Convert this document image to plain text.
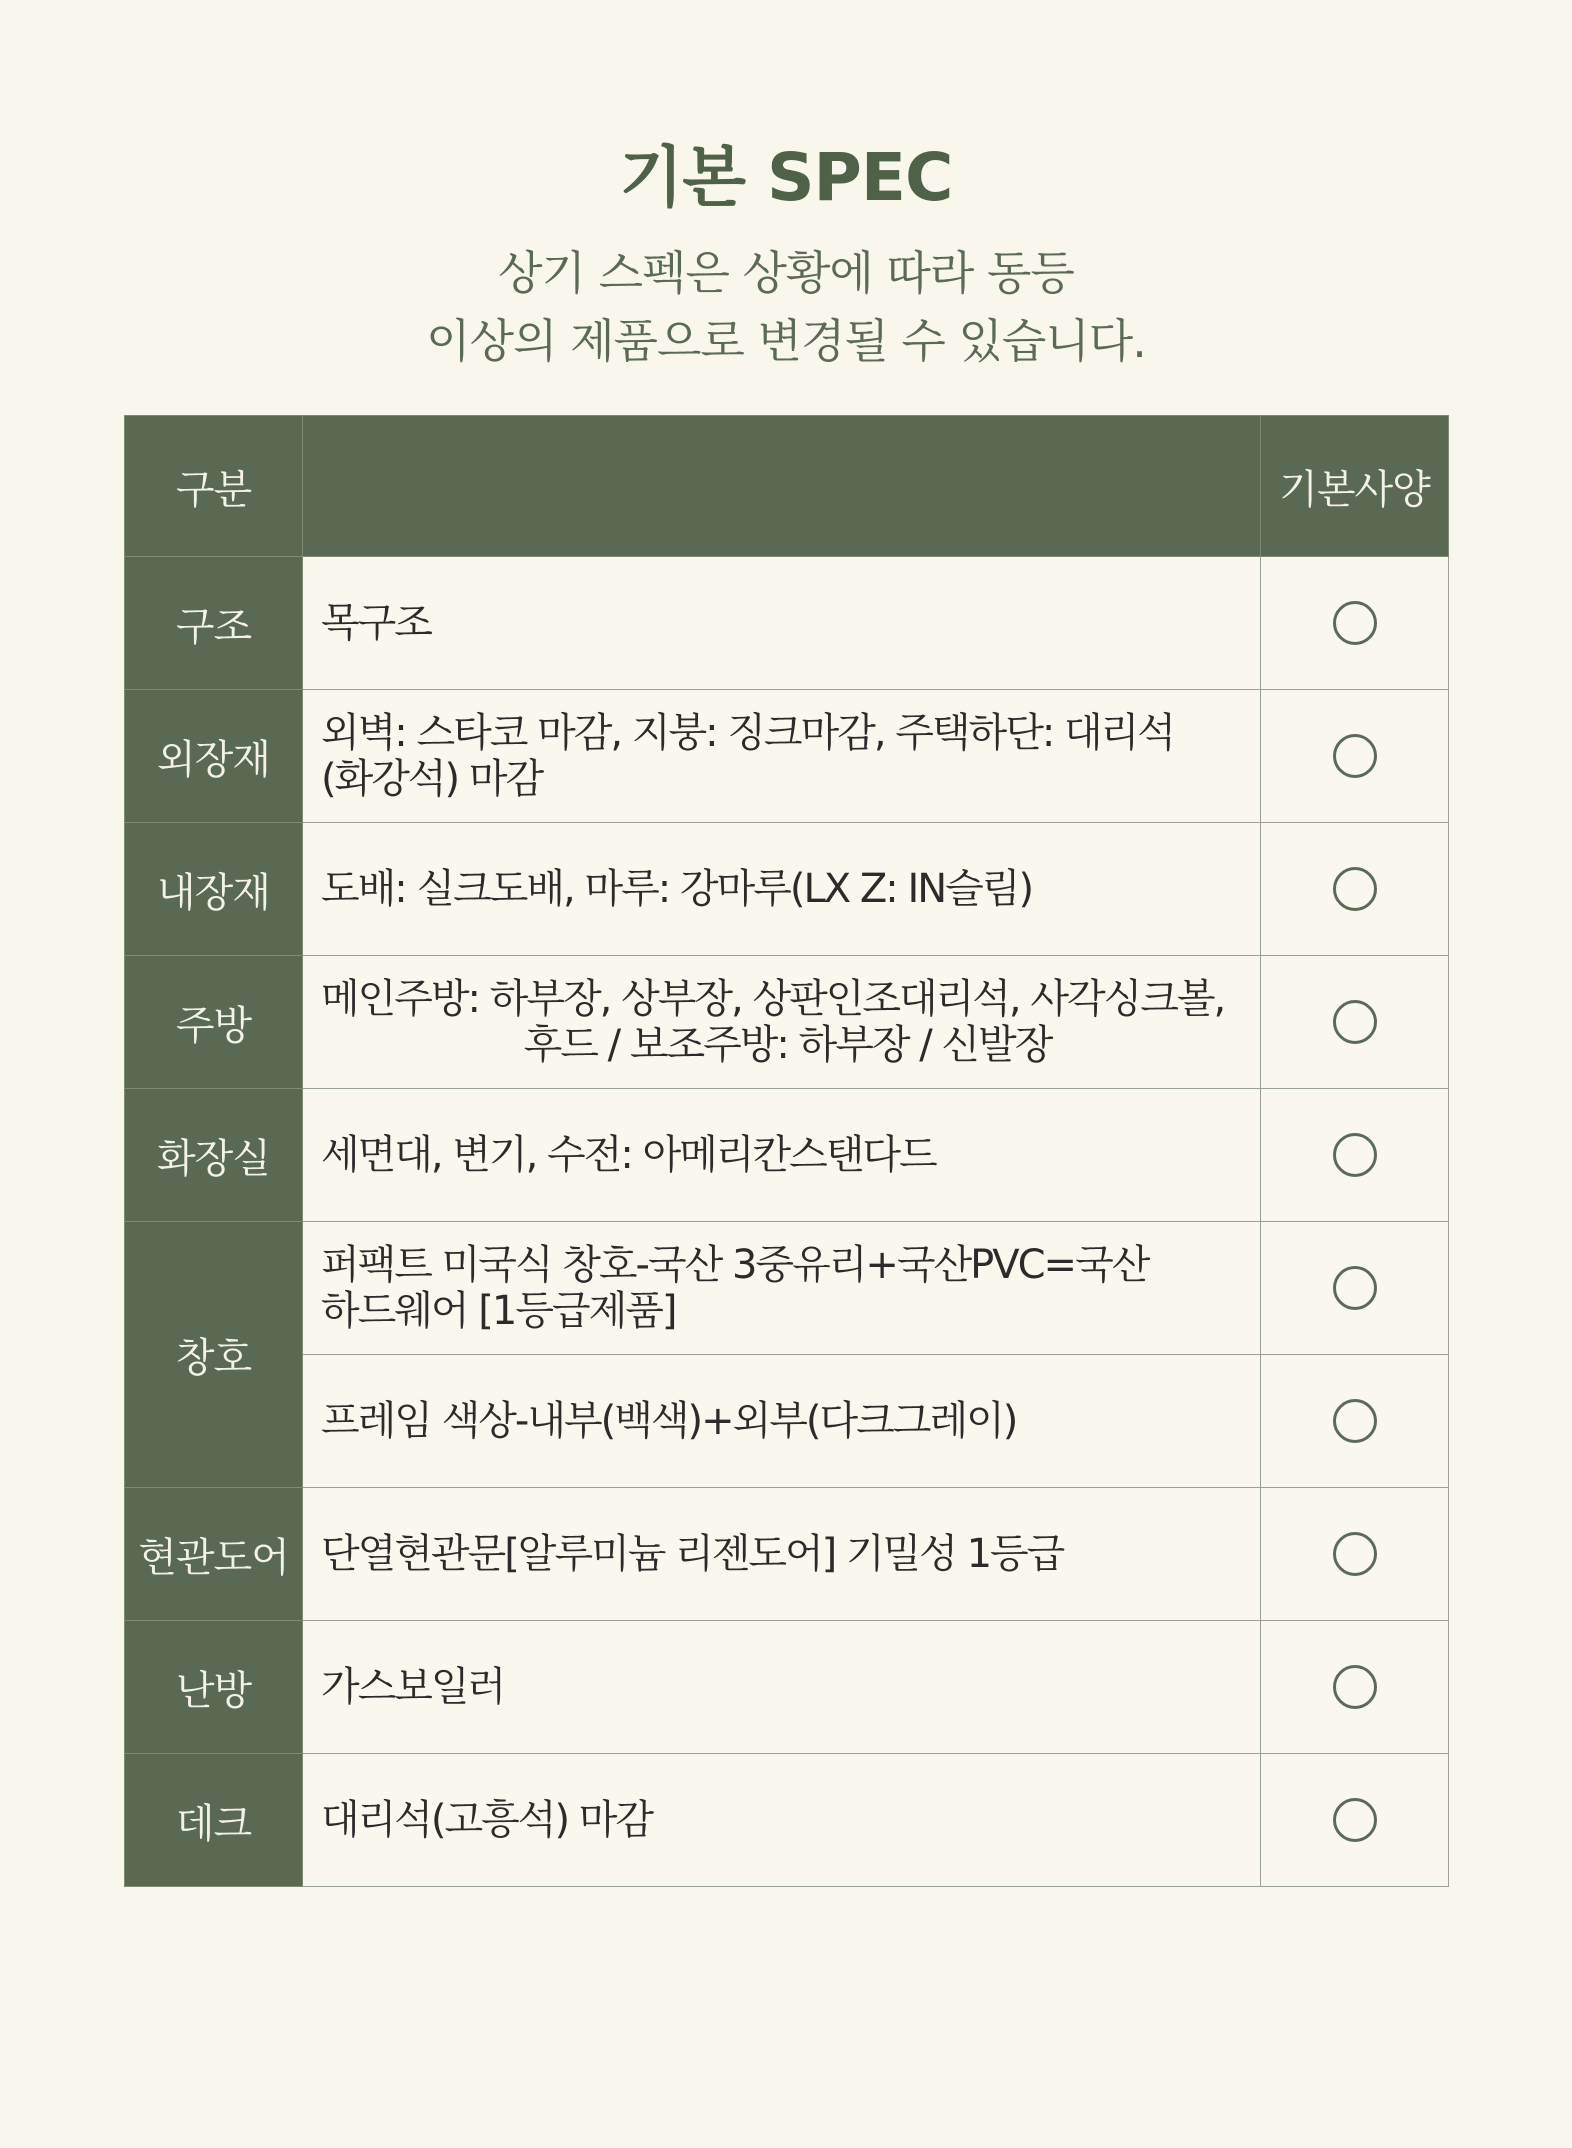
기본 SPEC
상기 스펙은 상황에 따라 동등
이상의 제품으로 변경될 수 있습니다.
구분		기본사양
구조	목구조	
외장재	외벽: 스타코 마감, 지붕: 징크마감, 주택하단: 대리석
(화강석) 마감	

내장재	도배: 실크도배, 마루: 강마루(LX Z: IN슬림)	
주방	메인주방: 하부장, 상부장, 상판인조대리석, 사각싱크볼,
후드 / 보조주방: 하부장 / 신발장	

화장실	세면대, 변기, 수전: 아메리칸스탠다드	
창호	퍼팩트 미국식 창호-국산 3중유리+국산PVC=국산
하드웨어 [1등급제품]	

	프레임 색상-내부(백색)+외부(다크그레이)	
현관도어	단열현관문[알루미늄 리젠도어] 기밀성 1등급	
난방	가스보일러	
데크	대리석(고흥석) 마감	
